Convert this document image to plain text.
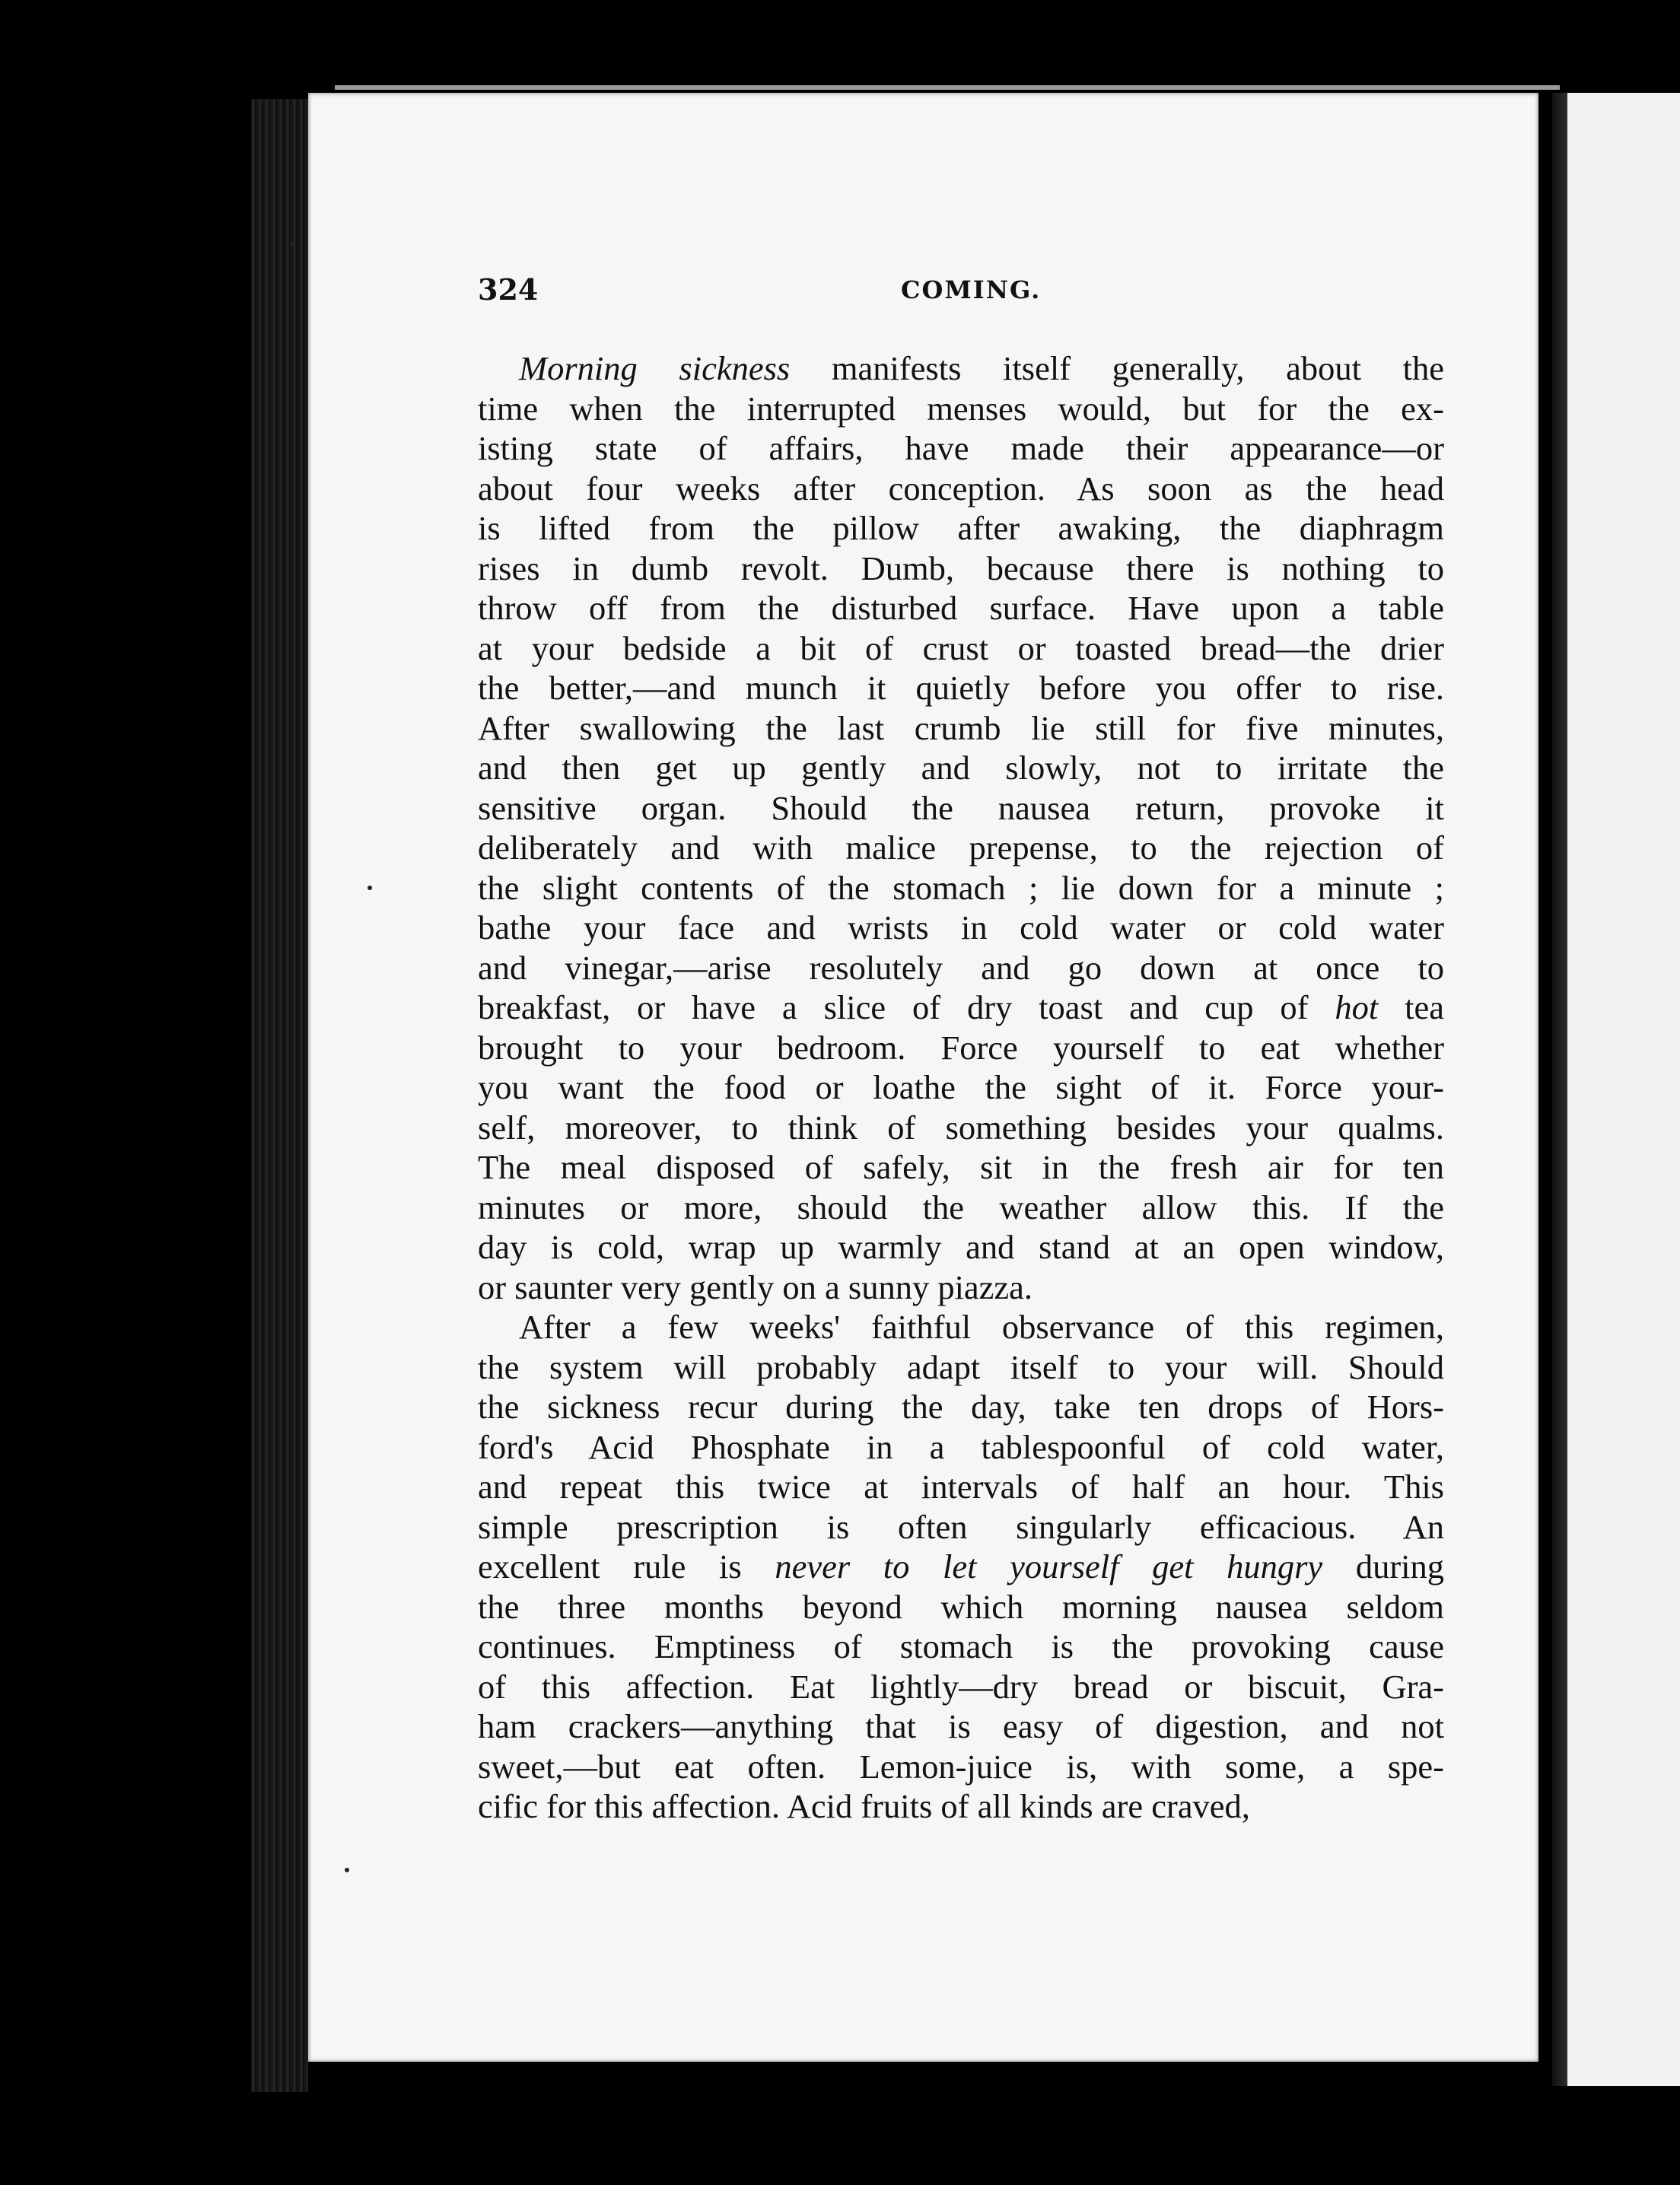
324	COMING.
Morning sickness manifests itself generally, about the
time when the interrupted menses would, but for the ex-
isting state of affairs, have made their appearance—or
about four weeks after conception. As soon as the head
is lifted from the pillow after awaking, the diaphragm
rises in dumb revolt. Dumb, because there is nothing to
throw off from the disturbed surface. Have upon a table
at your bedside a bit of crust or toasted bread—the drier
the better,—and munch it quietly before you offer to rise.
After swallowing the last crumb lie still for five minutes,
and then get up gently and slowly, not to irritate the
sensitive organ. Should the nausea return, provoke it
deliberately and with malice prepense, to the rejection of
the slight contents of the stomach ; lie down for a minute ;
bathe your face and wrists in cold water or cold water
and vinegar,—arise resolutely and go down at once to
breakfast, or have a slice of dry toast and cup of hot tea
brought to your bedroom. Force yourself to eat whether
you want the food or loathe the sight of it. Force your-
self, moreover, to think of something besides your qualms.
The meal disposed of safely, sit in the fresh air for ten
minutes or more, should the weather allow this. If the
day is cold, wrap up warmly and stand at an open window,
or saunter very gently on a sunny piazza.
After a few weeks' faithful observance of this regimen,
the system will probably adapt itself to your will. Should
the sickness recur during the day, take ten drops of Hors-
ford's Acid Phosphate in a tablespoonful of cold water,
and repeat this twice at intervals of half an hour. This
simple prescription is often singularly efficacious. An
excellent rule is never to let yourself get hungry during
the three months beyond which morning nausea seldom
continues. Emptiness of stomach is the provoking cause
of this affection. Eat lightly—dry bread or biscuit, Gra-
ham crackers—anything that is easy of digestion, and not
sweet,—but eat often. Lemon-juice is, with some, a spe-
cific for this affection. Acid fruits of all kinds are craved,
